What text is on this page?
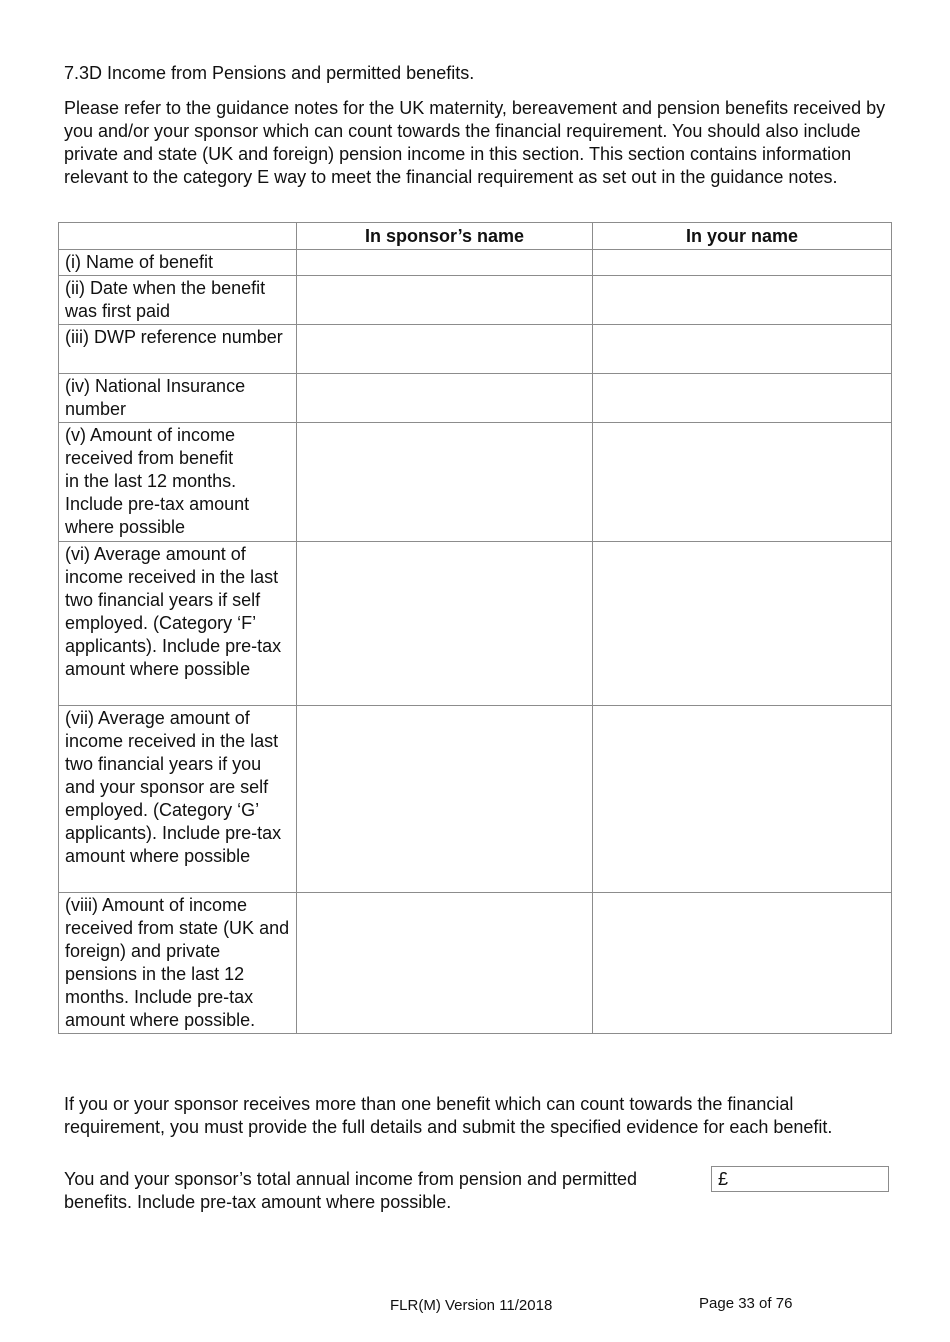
7.3D Income from Pensions and permitted benefits.
Please refer to the guidance notes for the UK maternity, bereavement and pension benefits received by you and/or your sponsor which can count towards the financial requirement. You should also include private and state (UK and foreign) pension income in this section. This section contains information relevant to the category E way to meet the financial requirement as set out in the guidance notes.
	In sponsor’s name	In your name
(i) Name of benefit	

(ii) Date when the benefit was first paid	

(iii) DWP reference number	

(iv) National Insurance number	

(v) Amount of income
received from benefit
in the last 12 months.
Include pre-tax amount
where possible	

(vi) Average amount of income received in the last two financial years if self employed. (Category ‘F’ applicants). Include pre-tax amount where possible	

(vii) Average amount of income received in the last two financial years if you and your sponsor are self employed. (Category ‘G’ applicants). Include pre-tax amount where possible	

(viii) Amount of income received from state (UK and foreign) and private pensions in the last 12 months. Include pre-tax amount where possible.	

If you or your sponsor receives more than one benefit which can count towards the financial requirement, you must provide the full details and submit the specified evidence for each benefit.
You and your sponsor’s total annual income from pension and permitted benefits. Include pre-tax amount where possible.
£
FLR(M) Version 11/2018	Page 33 of 76
